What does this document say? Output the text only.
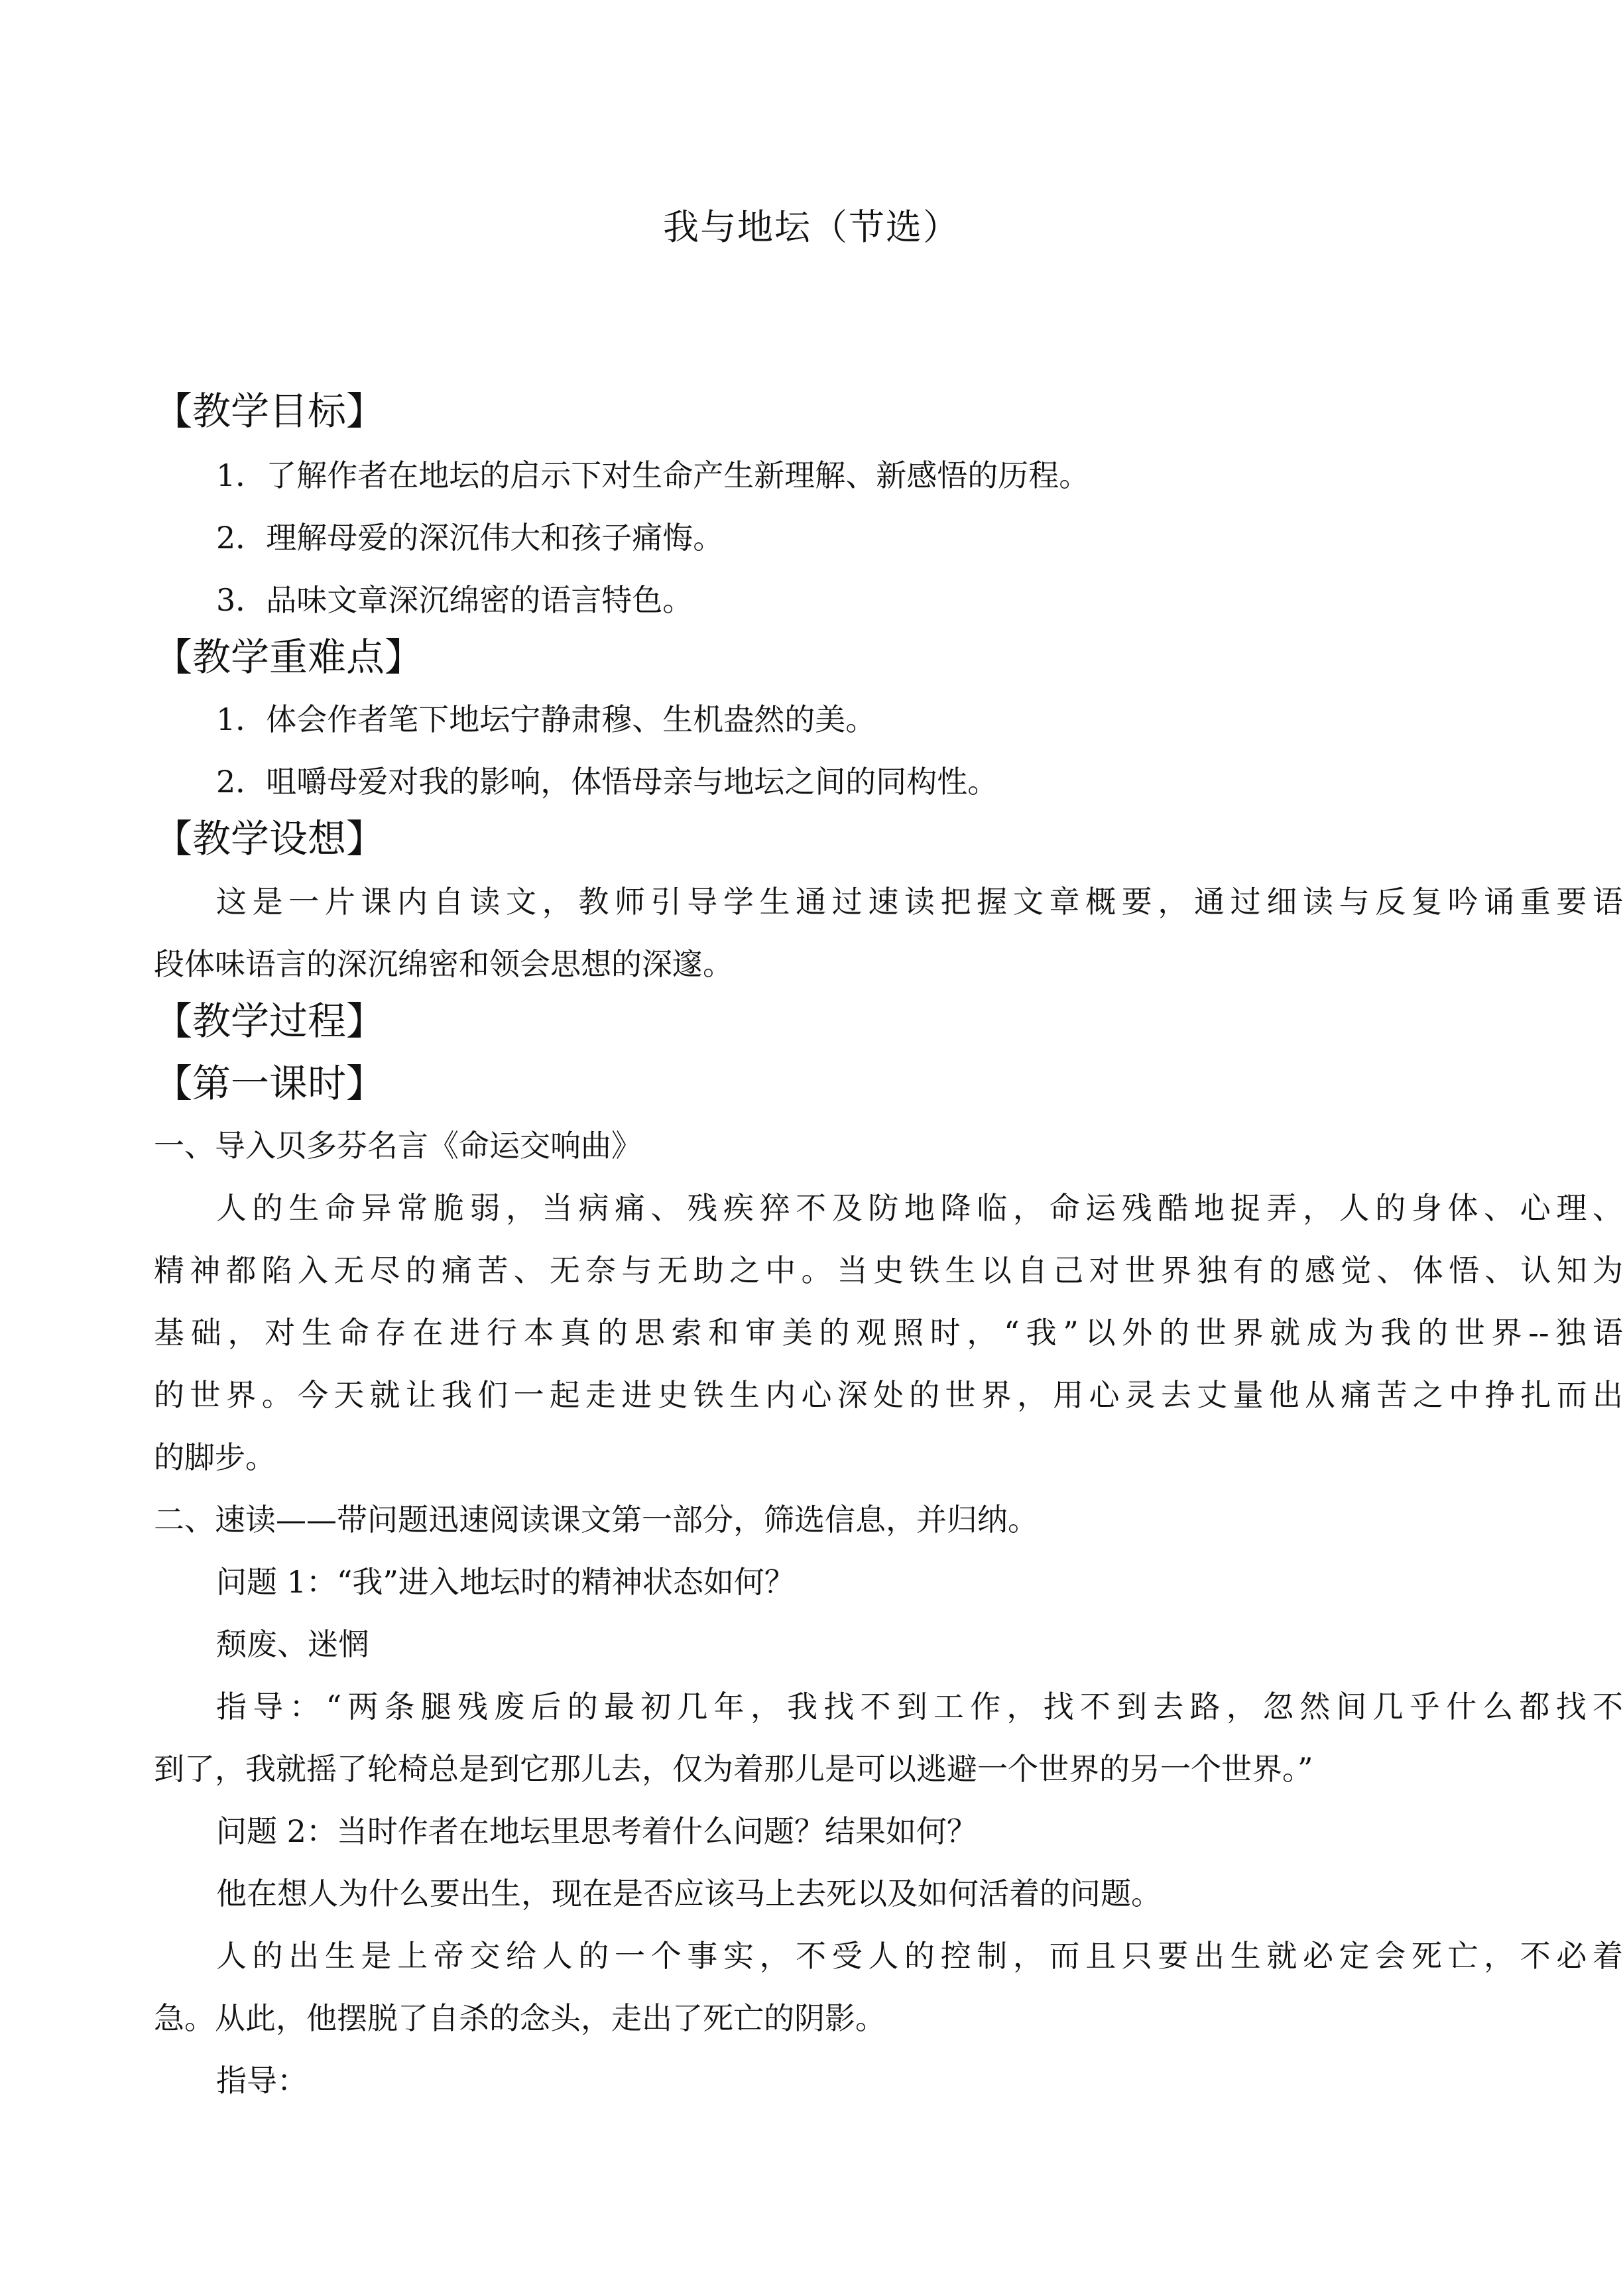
我与地坛（节选）
【教学目标】
1．了解作者在地坛的启示下对生命产生新理解、新感悟的历程。
2．理解母爱的深沉伟大和孩子痛悔。
3．品味文章深沉绵密的语言特色。
【教学重难点】
1．体会作者笔下地坛宁静肃穆、生机盎然的美。
2．咀嚼母爱对我的影响，体悟母亲与地坛之间的同构性。
【教学设想】
这是一片课内自读文，教师引导学生通过速读把握文章概要，通过细读与反复吟诵重要语
段体味语言的深沉绵密和领会思想的深邃。
【教学过程】
【第一课时】
一、导入贝多芬名言《命运交响曲》
人的生命异常脆弱，当病痛、残疾猝不及防地降临，命运残酷地捉弄，人的身体、心理、
精神都陷入无尽的痛苦、无奈与无助之中。当史铁生以自己对世界独有的感觉、体悟、认知为
基础，对生命存在进行本真的思索和审美的观照时，“我”以外的世界就成为我的世界--独语
的世界。今天就让我们一起走进史铁生内心深处的世界，用心灵去丈量他从痛苦之中挣扎而出
的脚步。
二、速读——带问题迅速阅读课文第一部分，筛选信息，并归纳。
问题 1：“我”进入地坛时的精神状态如何？
颓废、迷惘
指导：“两条腿残废后的最初几年，我找不到工作，找不到去路，忽然间几乎什么都找不
到了，我就摇了轮椅总是到它那儿去，仅为着那儿是可以逃避一个世界的另一个世界。”
问题 2：当时作者在地坛里思考着什么问题？结果如何？
他在想人为什么要出生，现在是否应该马上去死以及如何活着的问题。
人的出生是上帝交给人的一个事实，不受人的控制，而且只要出生就必定会死亡，不必着
急。从此，他摆脱了自杀的念头，走出了死亡的阴影。
指导：
